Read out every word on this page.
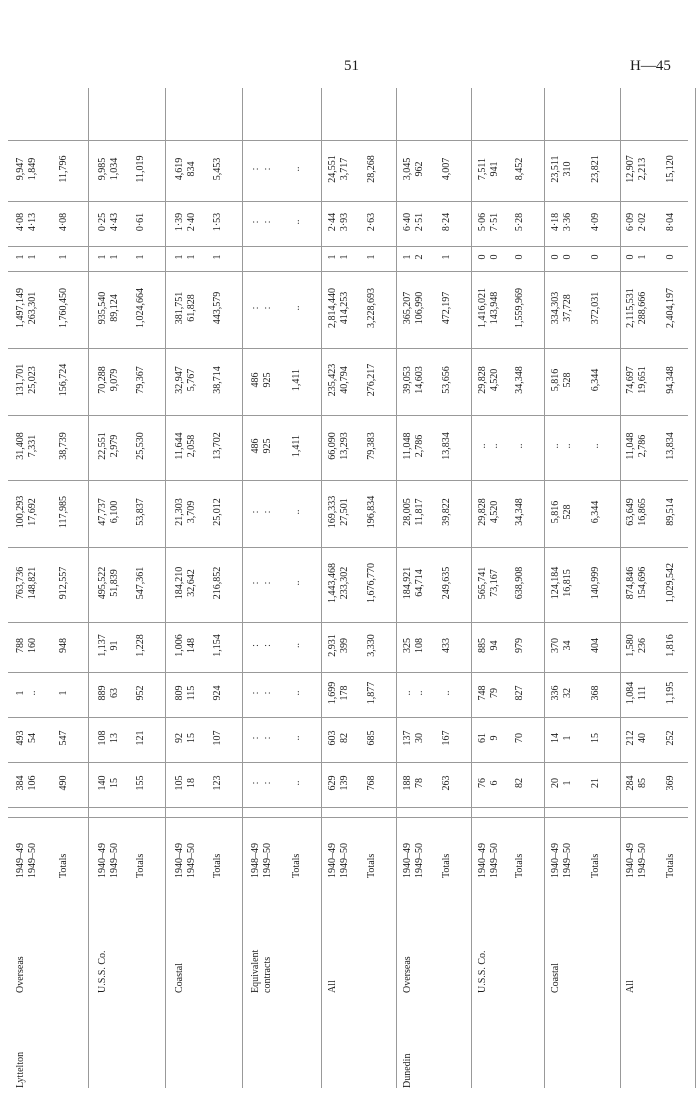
51	H—45
Lyttelton
Overseas
1949–49
1949–50
384
106
493
54
1
..
788
160
763,736
148,821
100,293
17,692
31,408
7,331
131,701
25,023
1,497,149
263,301
1
1
4·08
4·13
9,947
1,849
Totals
490
547
1
948
912,557
117,985
38,739
156,724
1,760,450
1
4·08
11,796
U.S.S. Co.
1940–49
1949–50
140
15
108
13
889
63
1,137
91
495,522
51,839
47,737
6,100
22,551
2,979
70,288
9,079
935,540
89,124
1
1
0·25
4·43
9,985
1,034
Totals
155
121
952
1,228
547,361
53,837
25,530
79,367
1,024,664
1
0·61
11,019
Coastal
1940–49
1949–50
105
18
92
15
809
115
1,006
148
184,210
32,642
21,303
3,709
11,644
2,058
32,947
5,767
381,751
61,828
1
1
1·39
2·40
4,619
834
Totals
123
107
924
1,154
216,852
25,012
13,702
38,714
443,579
1
1·53
5,453
Equivalent
contracts
1948–49
1949–50
:
:
:
:
:
:
:
:
:
:
:
:
486
925
486
925
:
:
:
:
:
:
Totals
..
..
..
..
..
..
1,411
1,411
..
..
..
All
1940–49
1949–50
629
139
603
82
1,699
178
2,931
399
1,443,468
233,302
169,333
27,501
66,090
13,293
235,423
40,794
2,814,440
414,253
1
1
2·44
3·93
24,551
3,717
Totals
768
685
1,877
3,330
1,676,770
196,834
79,383
276,217
3,228,693
1
2·63
28,268
Dunedin
Overseas
1940–49
1949–50
188
78
137
30
..
..
325
108
184,921
64,714
28,005
11,817
11,048
2,786
39,053
14,603
365,207
106,990
1
2
6·40
2·51
3,045
962
Totals
263
167
..
433
249,635
39,822
13,834
53,656
472,197
1
8·24
4,007
U.S.S. Co.
1940–49
1949–50
76
6
61
9
748
79
885
94
565,741
73,167
29,828
4,520
..
..
29,828
4,520
1,416,021
143,948
0
0
5·06
7·51
7,511
941
Totals
82
70
827
979
638,908
34,348
..
34,348
1,559,969
0
5·28
8,452
Coastal
1940–49
1949–50
20
1
14
1
336
32
370
34
124,184
16,815
5,816
528
..
..
5,816
528
334,303
37,728
0
0
4·18
3·36
23,511
310
Totals
21
15
368
404
140,999
6,344
..
6,344
372,031
0
4·09
23,821
All
1940–49
1949–50
284
85
212
40
1,084
111
1,580
236
874,846
154,696
63,649
16,865
11,048
2,786
74,697
19,651
2,115,531
288,666
0
1
6·09
2·02
12,907
2,213
Totals
369
252
1,195
1,816
1,029,542
89,514
13,834
94,348
2,404,197
0
8·04
15,120
